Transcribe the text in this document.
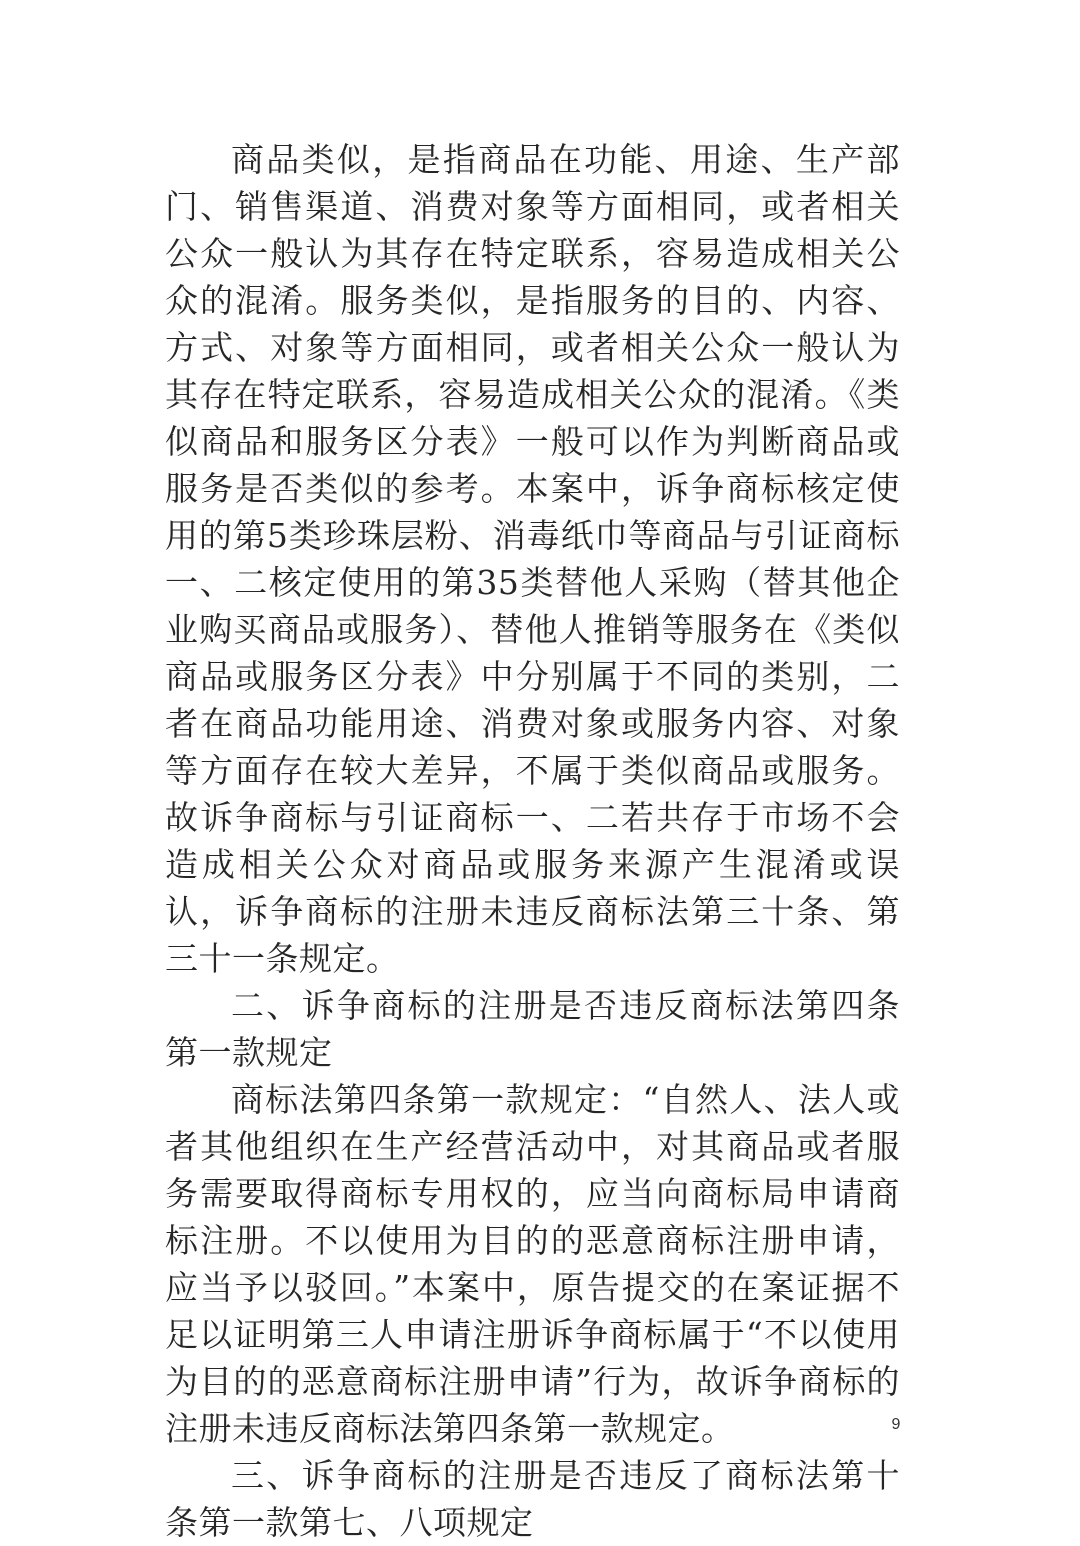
商品类似，是指商品在功能、用途、生产部门、销售渠道、消费对象等方面相同，或者相关公众一般认为其存在特定联系，容易造成相关公众的混淆。服务类似，是指服务的目的、内容、方式、对象等方面相同，或者相关公众一般认为其存在特定联系，容易造成相关公众的混淆。《类似商品和服务区分表》一般可以作为判断商品或服务是否类似的参考。本案中，诉争商标核定使用的第5类珍珠层粉、消毒纸巾等商品与引证商标一、二核定使用的第35类替他人采购（替其他企业购买商品或服务）、替他人推销等服务在《类似商品或服务区分表》中分别属于不同的类别，二者在商品功能用途、消费对象或服务内容、对象等方面存在较大差异，不属于类似商品或服务。故诉争商标与引证商标一、二若共存于市场不会造成相关公众对商品或服务来源产生混淆或误认，诉争商标的注册未违反商标法第三十条、第三十一条规定。

二、诉争商标的注册是否违反商标法第四条第一款规定

商标法第四条第一款规定：“自然人、法人或者其他组织在生产经营活动中，对其商品或者服务需要取得商标专用权的，应当向商标局申请商标注册。不以使用为目的的恶意商标注册申请，应当予以驳回。”本案中，原告提交的在案证据不足以证明第三人申请注册诉争商标属于“不以使用为目的的恶意商标注册申请”行为，故诉争商标的注册未违反商标法第四条第一款规定。

三、诉争商标的注册是否违反了商标法第十条第一款第七、八项规定

9
